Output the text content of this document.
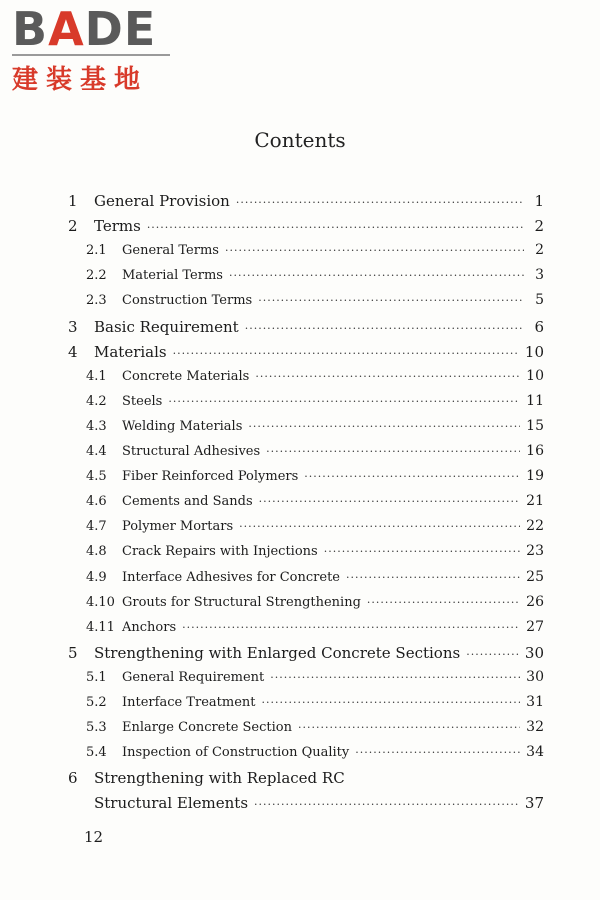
BADE
建装基地
Contents
1	General Provision ·····	1
2	Terms ·····	2
2.1	General Terms ·····	2
2.2	Material Terms ·····	3
2.3	Construction Terms ·····	5
3	Basic Requirement ·····	6
4	Materials ·····	10
4.1	Concrete Materials ·····	10
4.2	Steels ·····	11
4.3	Welding Materials ·····	15
4.4	Structural Adhesives ·····	16
4.5	Fiber Reinforced Polymers ·····	19
4.6	Cements and Sands ·····	21
4.7	Polymer Mortars ·····	22
4.8	Crack Repairs with Injections ·····	23
4.9	Interface Adhesives for Concrete ·····	25
4.10 Grouts for Structural Strengthening ·····	26
4.11 Anchors ·····	27
5	Strengthening with Enlarged Concrete Sections ·····	30
5.1	General Requirement ·····	30
5.2	Interface Treatment ·····	31
5.3	Enlarge Concrete Section ·····	32
5.4	Inspection of Construction Quality ·····	34
6	Strengthening with Replaced RC
Structural Elements ·····	37
12
